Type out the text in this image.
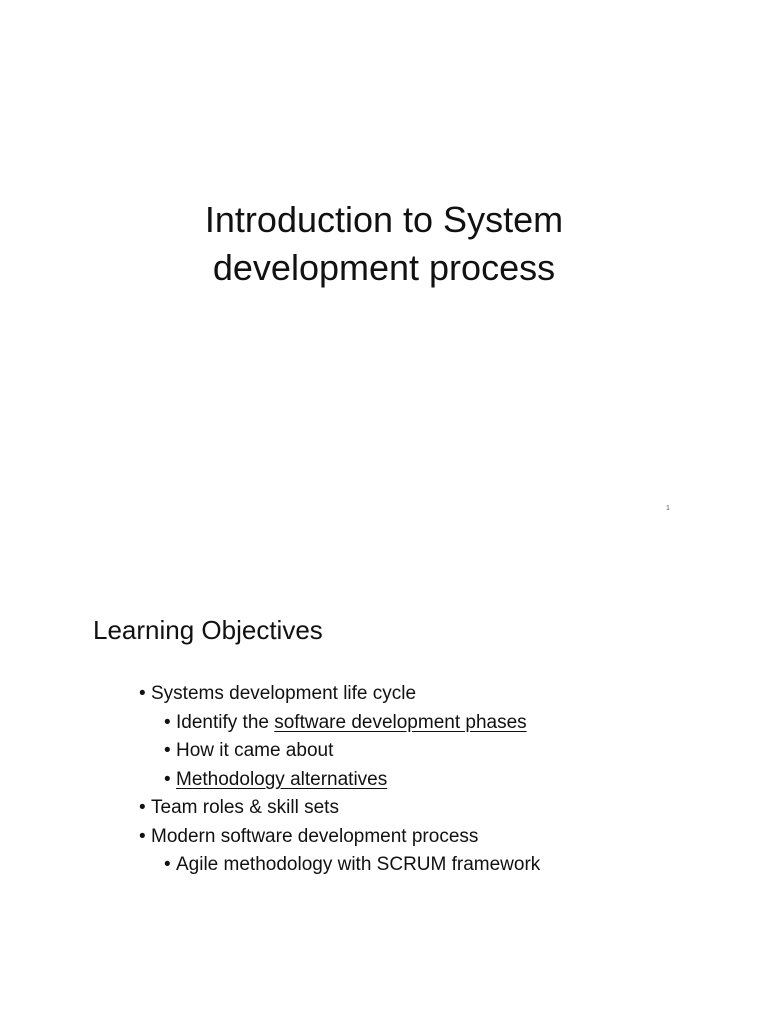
Introduction to System
development process
1
Learning Objectives
• Systems development life cycle
• Identify the software development phases
• How it came about
• Methodology alternatives
• Team roles & skill sets
• Modern software development process
• Agile methodology with SCRUM framework
